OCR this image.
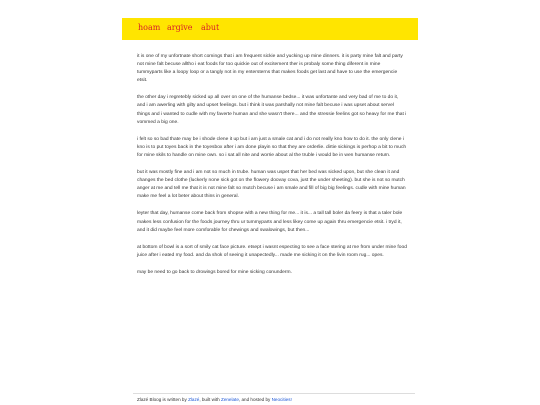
hoam argive abut

it is one of my unfortnate short comings that i am frequent sickie and yucking up mine dinners. it is party mine falt and party not mine falt becuse alltho i eat foods for too quickie out of excitement ther is probaly some thing diferent in mine tummyparts like a loopy loop or a tangly not in my entersterns that makes foods get last and have to use the emergencie etsit.

the other day i regretebly sicked up all over on one of the humanse bedse... it was unfortante and very bad of me to do it, and i am awerling with gilty and upset feelings. but i think it was parshally not mine falt becuse i was upset about servel things and i wanted to cudle with my faverte human and she wasn't there... and the stressie feelins got so heavy for me that i vommed a big one.

i felt so so bad thate may be i shode clene it up but i am just a smale cat and i do not really kno how to do it. the only clene i kno is to put toyes back in the toyesbox after i am done playin so that they are orderlie. dirtie sickings is perhop a bit to much for mine skils to handle on mine own. so i sat all nite and worrie about al the truble i would be in wen humanse return.

but it was mostly fine and i am not so much in trube. human was uspet that her bed was sicked upon, but she clean it and changes the bed clothe (luckerly none sick got on the flowery doovay cova, just the under sheeting). but she is not so mutch anger at me and tell me that it is not mine falt so mutch becuse i am smale and fill of big big feelings. cudle with mine human make me feel a lot beter about thins in general.

leyter that day, humanse come back from shopse with a new thing for me... it is... a tall tall bole! da feery is that a taler bole makes less confusion for the foods journey thru ur tummyparts and less likey come up again thru emergencie etsit. i tryd it, and it did maybe feel more comforable for chewings and swalowings, but then...

at bottom of bowl is a sort of smily cat face picture. etsept i wasnt especting to see a face stering at me from under mine food juice after i eated my food. and da shok of seeing it unapectedly... made me sicking it on the livin room rug... opes.

may be need to go back to drowings bored for mine sicking conunderm.

Zlazé Bloog is written by Zlazé, built with Zenelate, and hosted by Neocities!
